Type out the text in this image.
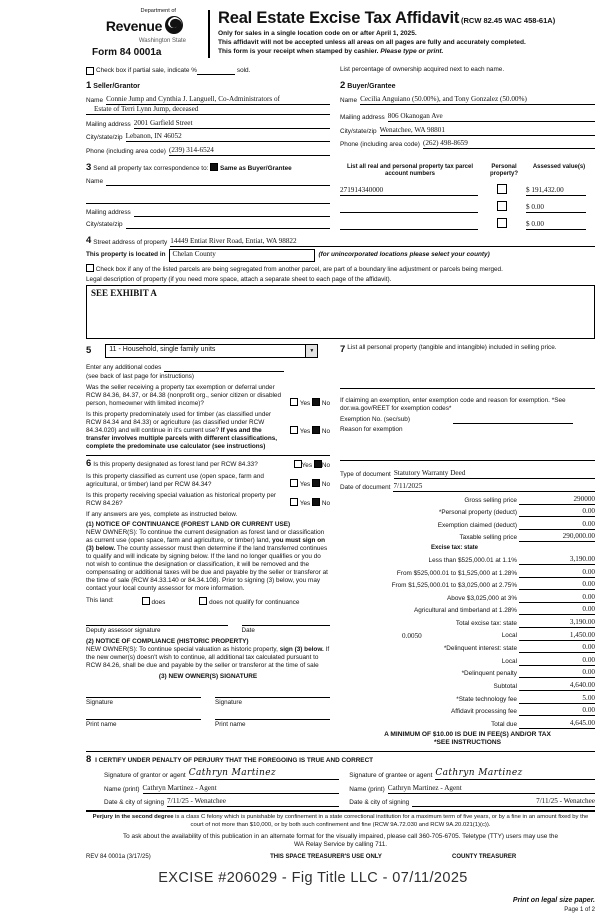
Department of
Revenue
Washington State
Form 84 0001a
Real Estate Excise Tax Affidavit (RCW 82.45 WAC 458-61A)
Only for sales in a single location code on or after April 1, 2025.
This affidavit will not be accepted unless all areas on all pages are fully and accurately completed.
This form is your receipt when stamped by cashier. Please type or print.
Check box if partial sale, indicate %	sold.	List percentage of ownership acquired next to each name.
1 Seller/Grantor
Name Connie Jump and Cynthia J. Languell, Co-Administrators of
Estate of Terri Lynn Jump, deceased
Mailing address 2001 Garfield Street
City/state/zip Lebanon, IN 46052
Phone (including area code) (239) 314-6524
2 Buyer/Grantee
Name Cecilia Anguiano (50.00%), and Tony Gonzalez (50.00%)
Mailing address 806 Okanogan Ave
City/state/zip Wenatchee, WA 98801
Phone (including area code) (262) 498-8659
3 Send all property tax correspondence to: Same as Buyer/Grantee
Name
Mailing address
City/state/zip
List all real and personal property tax parcel account numbers
Personal property?
Assessed value(s)
271914340000	$ 191,432.00
$ 0.00
$ 0.00
4 Street address of property 14449 Entiat River Road, Entiat, WA 98822
This property is located in Chelan County	(for unincorporated locations please select your county)
Check box if any of the listed parcels are being segregated from another parcel, are part of a boundary line adjustment or parcels being merged.
Legal description of property (if you need more space, attach a separate sheet to each page of the affidavit).
SEE EXHIBIT A
5	11 - Household, single family units	▼
Enter any additional codes
(see back of last page for instructions)
Was the seller receiving a property tax exemption or deferral under RCW 84.36, 84.37, or 84.38 (nonprofit org., senior citizen or disabled person, homeowner with limited income)?	Yes No
Is this property predominately used for timber (as classified under RCW 84.34 and 84.33) or agriculture (as classified under RCW 84.34.020) and will continue in it's current use? If yes and the transfer involves multiple parcels with different classifications, complete the predominate use calculator (see instructions)
Yes No
6 Is this property designated as forest land per RCW 84.33?	Yes No
Is this property classified as current use (open space, farm and agricultural, or timber) land per RCW 84.34?	Yes No
Is this property receiving special valuation as historical property per RCW 84.26?	Yes No
If any answers are yes, complete as instructed below.
(1) NOTICE OF CONTINUANCE (FOREST LAND OR CURRENT USE)
NEW OWNER(S): To continue the current designation as forest land or classification as current use (open space, farm and agriculture, or timber) land, you must sign on (3) below. The county assessor must then determine if the land transferred continues to qualify and will indicate by signing below. If the land no longer qualifies or you do not wish to continue the designation or classification, it will be removed and the compensating or additional taxes will be due and payable by the seller or transferor at the time of sale (RCW 84.33.140 or 84.34.108). Prior to signing (3) below, you may contact your local county assessor for more information.
This land:	does	does not qualify for continuance
Deputy assessor signature	Date
(2) NOTICE OF COMPLIANCE (HISTORIC PROPERTY)
NEW OWNER(S): To continue special valuation as historic property, sign (3) below. If the new owner(s) doesn't wish to continue, all additional tax calculated pursuant to RCW 84.26, shall be due and payable by the seller or transferor at the time of sale
(3) NEW OWNER(S) SIGNATURE
Signature	Signature
Print name	Print name
7 List all personal property (tangible and intangible) included in selling price.
If claiming an exemption, enter exemption code and reason for exemption. *See dor.wa.gov/REET for exemption codes*
Exemption No. (sec/sub)
Reason for exemption
Type of document Statutory Warranty Deed
Date of document 7/11/2025
Gross selling price	290000
*Personal property (deduct)	0.00
Exemption claimed (deduct)	0.00
Taxable selling price	290,000.00
Excise tax: state
Less than $525,000.01 at 1.1%	3,190.00
From $525,000.01 to $1,525,000 at 1.28%	0.00
From $1,525,000.01 to $3,025,000 at 2.75%	0.00
Above $3,025,000 at 3%	0.00
Agricultural and timberland at 1.28%	0.00
Total excise tax: state	3,190.00
0.0050	Local	1,450.00
*Delinquent interest: state	0.00
Local	0.00
*Delinquent penalty	0.00
Subtotal	4,640.00
*State technology fee	5.00
Affidavit processing fee	0.00
Total due	4,645.00
A MINIMUM OF $10.00 IS DUE IN FEE(S) AND/OR TAX
*SEE INSTRUCTIONS
8 I CERTIFY UNDER PENALTY OF PERJURY THAT THE FOREGOING IS TRUE AND CORRECT
Signature of grantor or agent Cathryn Martinez
Name (print) Cathryn Martinez - Agent
Date & city of signing 7/11/25 - Wenatchee
Signature of grantee or agent Cathryn Martinez
Name (print) Cathryn Martinez - Agent
Date & city of signing	7/11/25 - Wenatchee
Perjury in the second degree is a class C felony which is punishable by confinement in a state correctional institution for a maximum term of five years, or by a fine in an amount fixed by the court of not more than $10,000, or by both such confinement and fine (RCW 9A.72.030 and RCW 9A.20.021(1)(c)).
To ask about the availability of this publication in an alternate format for the visually impaired, please call 360-705-6705. Teletype (TTY) users may use the WA Relay Service by calling 711.
REV 84 0001a (3/17/25)	THIS SPACE TREASURER'S USE ONLY	COUNTY TREASURER
EXCISE #206029 - Fig Title LLC - 07/11/2025
Print on legal size paper.
Page 1 of 2
